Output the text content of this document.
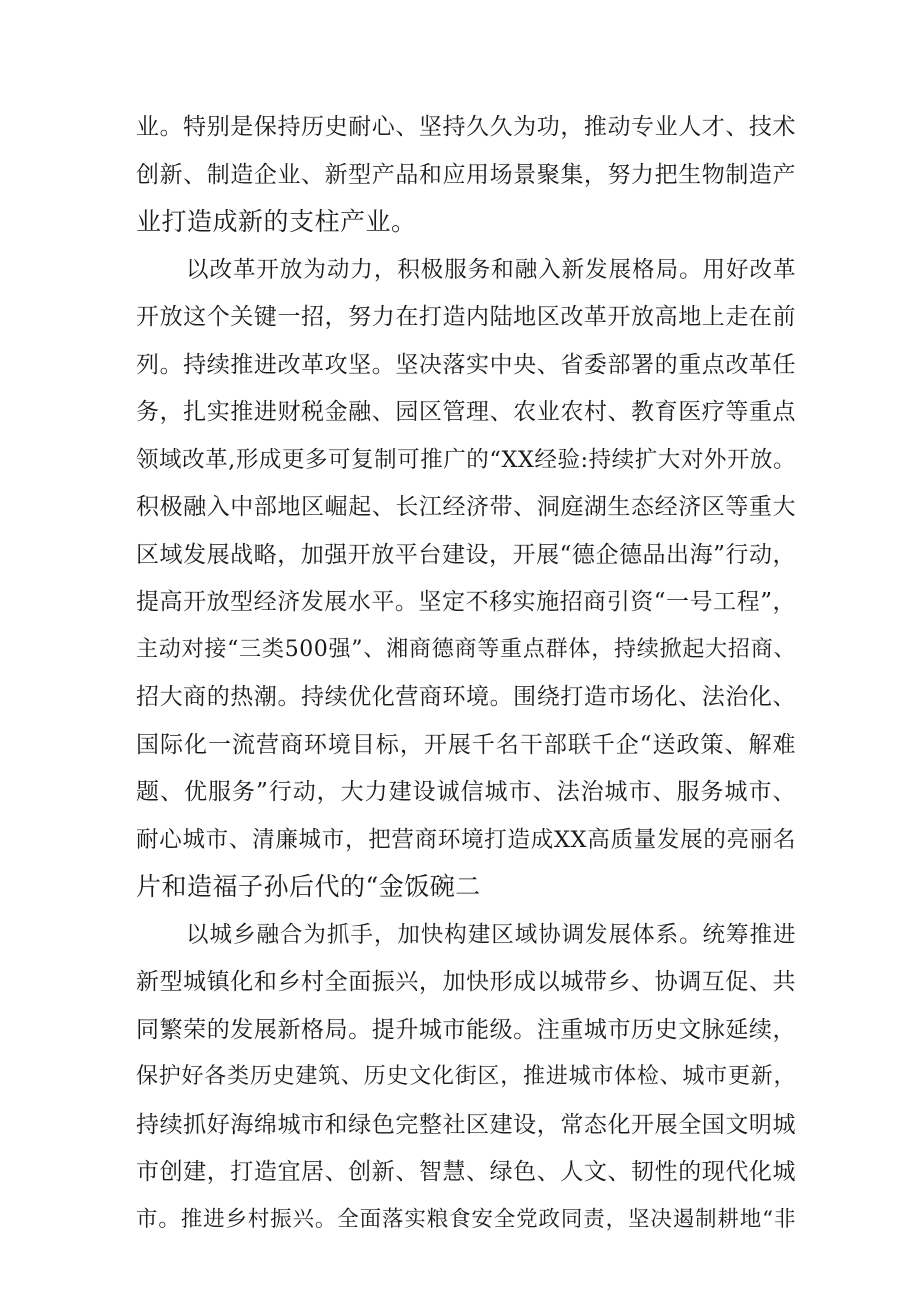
业。特别是保持历史耐心、坚持久久为功，推动专业人才、技术
创新、制造企业、新型产品和应用场景聚集，努力把生物制造产
业打造成新的支柱产业。
以改革开放为动力，积极服务和融入新发展格局。用好改革
开放这个关键一招，努力在打造内陆地区改革开放高地上走在前
列。持续推进改革攻坚。坚决落实中央、省委部署的重点改革任
务，扎实推进财税金融、园区管理、农业农村、教育医疗等重点
领域改革,形成更多可复制可推广的“XX经验:持续扩大对外开放。
积极融入中部地区崛起、长江经济带、洞庭湖生态经济区等重大
区域发展战略，加强开放平台建设，开展“德企德品出海”行动，
提高开放型经济发展水平。坚定不移实施招商引资“一号工程”，
主动对接“三类500强”、湘商德商等重点群体，持续掀起大招商、
招大商的热潮。持续优化营商环境。围绕打造市场化、法治化、
国际化一流营商环境目标，开展千名干部联千企“送政策、解难
题、优服务”行动，大力建设诚信城市、法治城市、服务城市、
耐心城市、清廉城市，把营商环境打造成XX高质量发展的亮丽名
片和造福子孙后代的“金饭碗二
以城乡融合为抓手，加快构建区域协调发展体系。统筹推进
新型城镇化和乡村全面振兴，加快形成以城带乡、协调互促、共
同繁荣的发展新格局。提升城市能级。注重城市历史文脉延续，
保护好各类历史建筑、历史文化街区，推进城市体检、城市更新，
持续抓好海绵城市和绿色完整社区建设，常态化开展全国文明城
市创建，打造宜居、创新、智慧、绿色、人文、韧性的现代化城
市。推进乡村振兴。全面落实粮食安全党政同责，坚决遏制耕地“非
